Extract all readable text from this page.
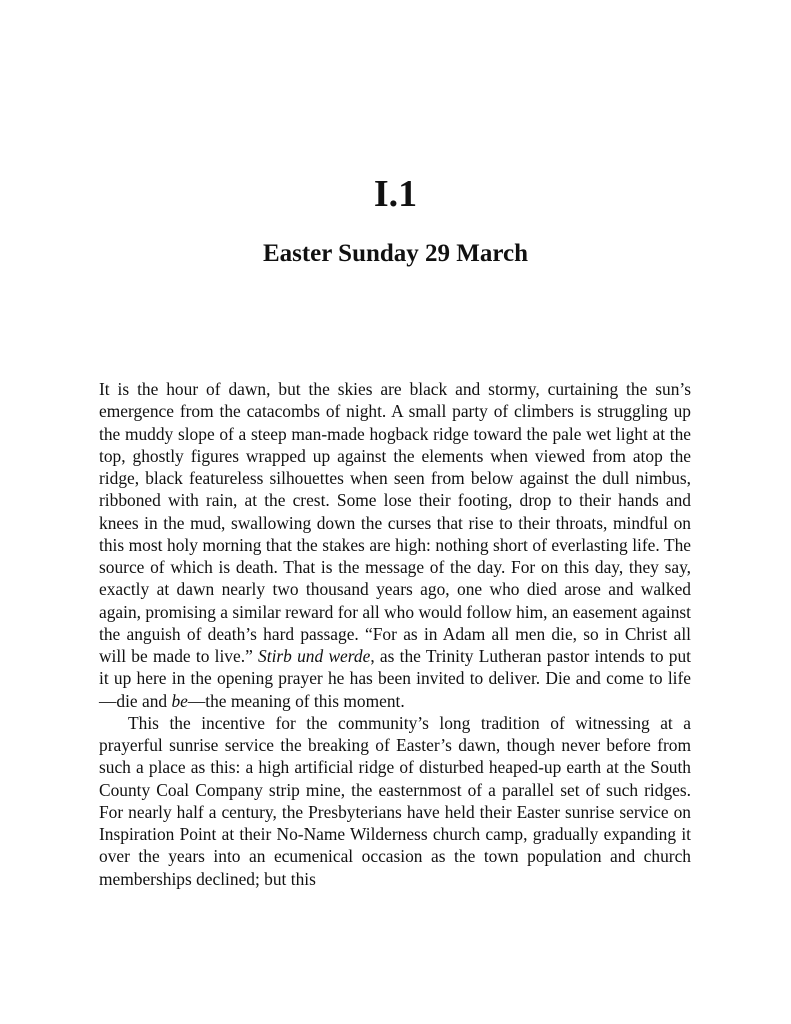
I.1
Easter Sunday 29 March

It is the hour of dawn, but the skies are black and stormy, curtaining the sun’s emergence from the catacombs of night. A small party of climbers is struggling up the muddy slope of a steep man-made hogback ridge toward the pale wet light at the top, ghostly figures wrapped up against the elements when viewed from atop the ridge, black featureless silhouettes when seen from below against the dull nimbus, ribboned with rain, at the crest. Some lose their footing, drop to their hands and knees in the mud, swallowing down the curses that rise to their throats, mindful on this most holy morning that the stakes are high: nothing short of everlasting life. The source of which is death. That is the message of the day. For on this day, they say, exactly at dawn nearly two thousand years ago, one who died arose and walked again, promising a similar reward for all who would follow him, an easement against the anguish of death’s hard passage. “For as in Adam all men die, so in Christ all will be made to live.” Stirb und werde, as the Trinity Lutheran pastor intends to put it up here in the opening prayer he has been invited to deliver. Die and come to life—die and be—the meaning of this moment.

This the incentive for the community’s long tradition of witnessing at a prayerful sunrise service the breaking of Easter’s dawn, though never before from such a place as this: a high artificial ridge of disturbed heaped-up earth at the South County Coal Company strip mine, the easternmost of a parallel set of such ridges. For nearly half a century, the Presbyterians have held their Easter sunrise service on Inspiration Point at their No-Name Wilderness church camp, gradually expanding it over the years into an ecumenical occasion as the town population and church memberships declined; but this
